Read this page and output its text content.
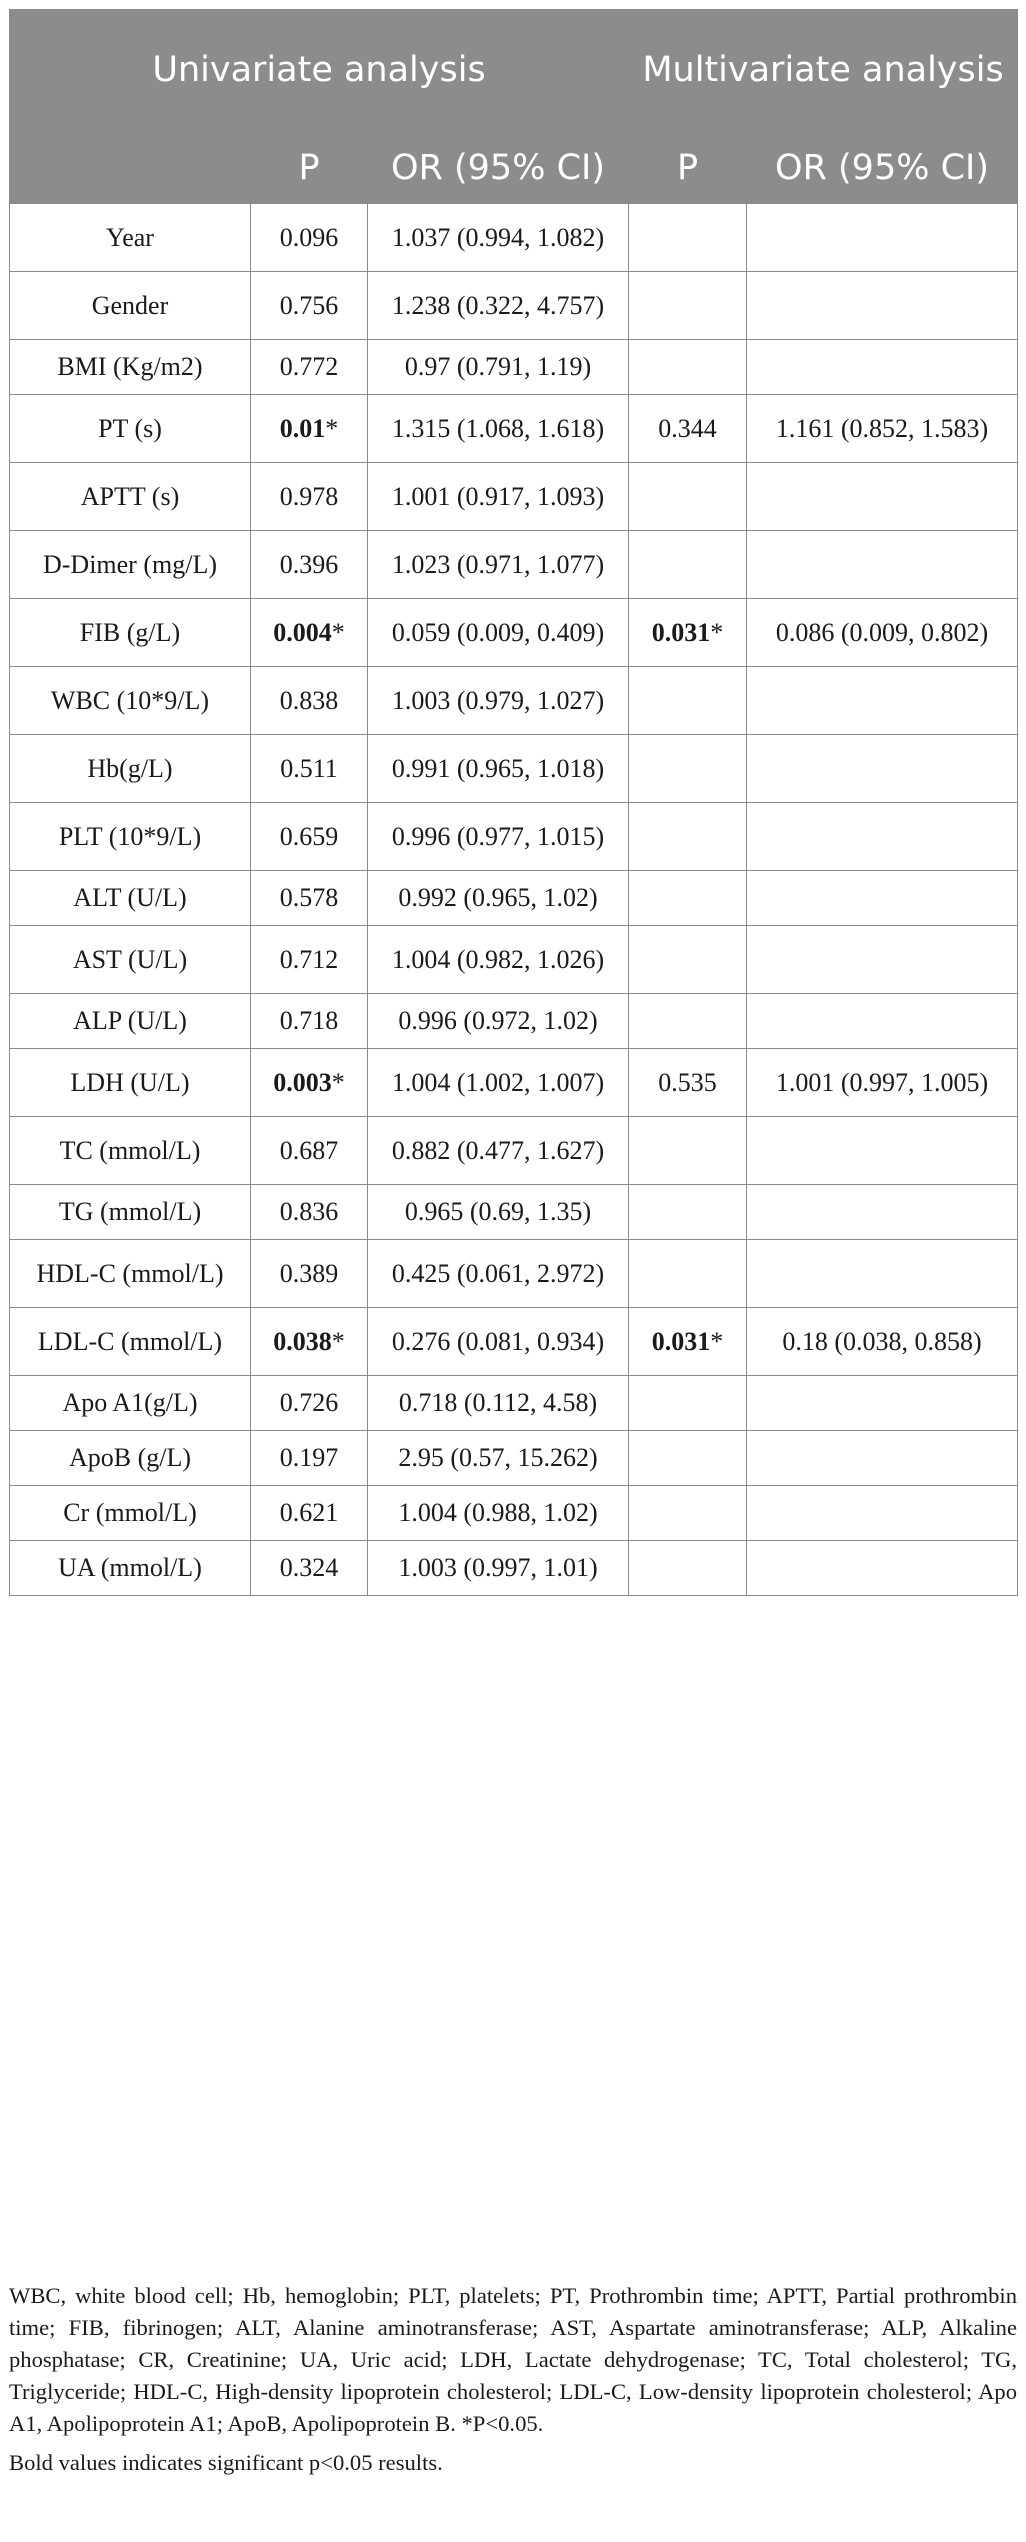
Univariate analysis			Multivariate analysis	
	P	OR (95% CI)	P	OR (95% CI)
Year	0.096	1.037 (0.994, 1.082)		
Gender	0.756	1.238 (0.322, 4.757)		
BMI (Kg/m2)	0.772	0.97 (0.791, 1.19)		
PT (s)	0.01*	1.315 (1.068, 1.618)	0.344	1.161 (0.852, 1.583)
APTT (s)	0.978	1.001 (0.917, 1.093)		
D-Dimer (mg/L)	0.396	1.023 (0.971, 1.077)		
FIB (g/L)	0.004*	0.059 (0.009, 0.409)	0.031*	0.086 (0.009, 0.802)
WBC (10*9/L)	0.838	1.003 (0.979, 1.027)		
Hb(g/L)	0.511	0.991 (0.965, 1.018)		
PLT (10*9/L)	0.659	0.996 (0.977, 1.015)		
ALT (U/L)	0.578	0.992 (0.965, 1.02)		
AST (U/L)	0.712	1.004 (0.982, 1.026)		
ALP (U/L)	0.718	0.996 (0.972, 1.02)		
LDH (U/L)	0.003*	1.004 (1.002, 1.007)	0.535	1.001 (0.997, 1.005)
TC (mmol/L)	0.687	0.882 (0.477, 1.627)		
TG (mmol/L)	0.836	0.965 (0.69, 1.35)		
HDL-C (mmol/L)	0.389	0.425 (0.061, 2.972)		
LDL-C (mmol/L)	0.038*	0.276 (0.081, 0.934)	0.031*	0.18 (0.038, 0.858)
Apo A1(g/L)	0.726	0.718 (0.112, 4.58)		
ApoB (g/L)	0.197	2.95 (0.57, 15.262)		
Cr (mmol/L)	0.621	1.004 (0.988, 1.02)		
UA (mmol/L)	0.324	1.003 (0.997, 1.01)		

WBC, white blood cell; Hb, hemoglobin; PLT, platelets; PT, Prothrombin time; APTT, Partial prothrombin time; FIB, fibrinogen; ALT, Alanine aminotransferase; AST, Aspartate aminotransferase; ALP, Alkaline phosphatase; CR, Creatinine; UA, Uric acid; LDH, Lactate dehydrogenase; TC, Total cholesterol; TG, Triglyceride; HDL-C, High-density lipoprotein cholesterol; LDL-C, Low-density lipoprotein cholesterol; Apo A1, Apolipoprotein A1; ApoB, Apolipoprotein B. *P<0.05.

Bold values indicates significant p<0.05 results.
